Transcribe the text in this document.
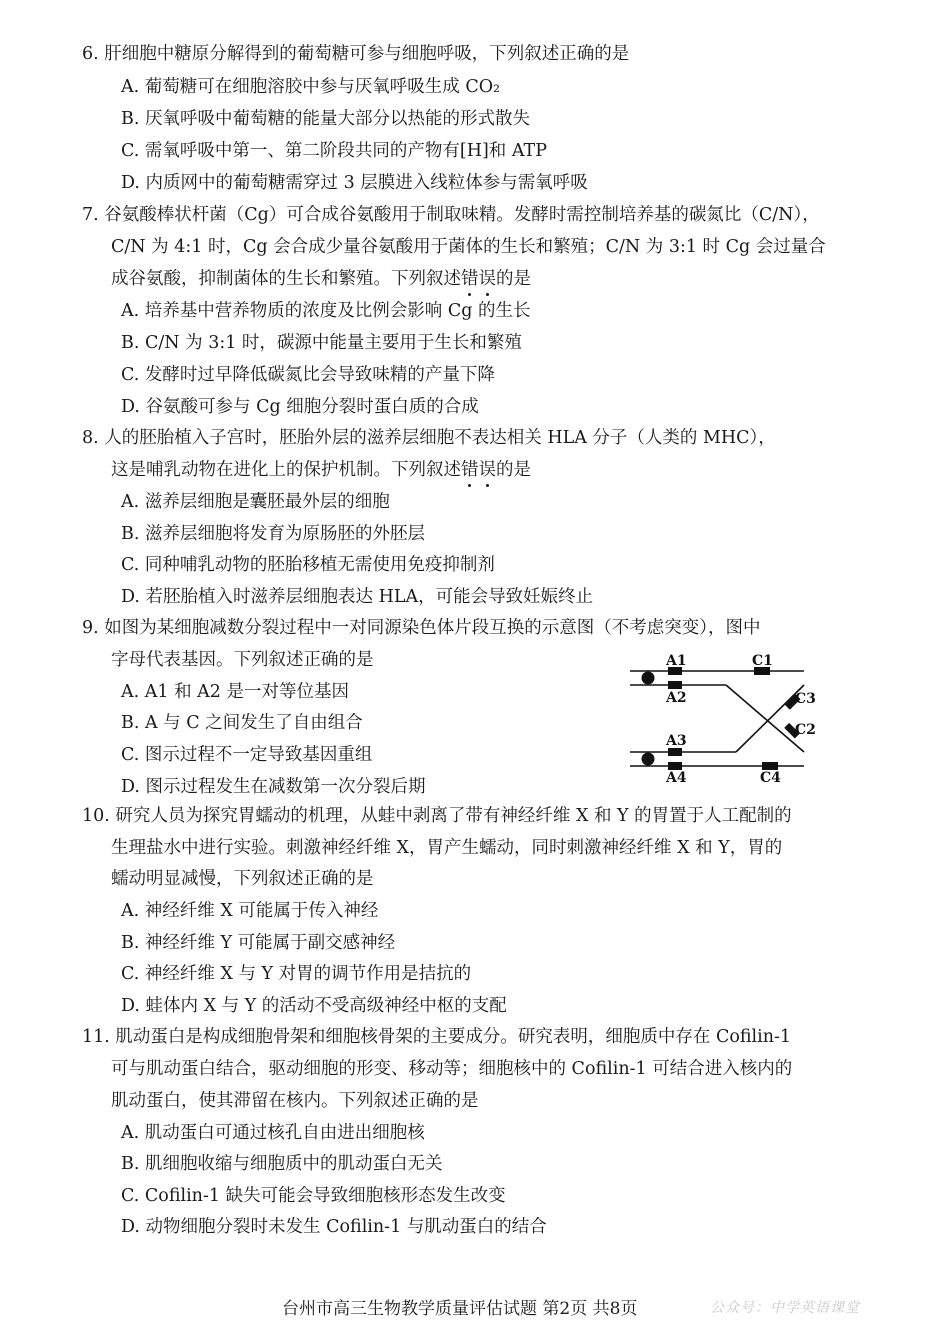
6. 肝细胞中糖原分解得到的葡萄糖可参与细胞呼吸，下列叙述正确的是
A. 葡萄糖可在细胞溶胶中参与厌氧呼吸生成 CO₂
B. 厌氧呼吸中葡萄糖的能量大部分以热能的形式散失
C. 需氧呼吸中第一、第二阶段共同的产物有[H]和 ATP
D. 内质网中的葡萄糖需穿过 3 层膜进入线粒体参与需氧呼吸
7. 谷氨酸棒状杆菌（Cg）可合成谷氨酸用于制取味精。发酵时需控制培养基的碳氮比（C/N），
C/N 为 4:1 时，Cg 会合成少量谷氨酸用于菌体的生长和繁殖；C/N 为 3:1 时 Cg 会过量合
成谷氨酸，抑制菌体的生长和繁殖。下列叙述错误的是
A. 培养基中营养物质的浓度及比例会影响 Cg 的生长
B. C/N 为 3:1 时，碳源中能量主要用于生长和繁殖
C. 发酵时过早降低碳氮比会导致味精的产量下降
D. 谷氨酸可参与 Cg 细胞分裂时蛋白质的合成
8. 人的胚胎植入子宫时，胚胎外层的滋养层细胞不表达相关 HLA 分子（人类的 MHC），
这是哺乳动物在进化上的保护机制。下列叙述错误的是
A. 滋养层细胞是囊胚最外层的细胞
B. 滋养层细胞将发育为原肠胚的外胚层
C. 同种哺乳动物的胚胎移植无需使用免疫抑制剂
D. 若胚胎植入时滋养层细胞表达 HLA，可能会导致妊娠终止
9. 如图为某细胞减数分裂过程中一对同源染色体片段互换的示意图（不考虑突变），图中
字母代表基因。下列叙述正确的是
A. A1 和 A2 是一对等位基因
B. A 与 C 之间发生了自由组合
C. 图示过程不一定导致基因重组
D. 图示过程发生在减数第一次分裂后期
A1
A2
A3
A4
C1
C3
C2
C4
10. 研究人员为探究胃蠕动的机理，从蛙中剥离了带有神经纤维 X 和 Y 的胃置于人工配制的
生理盐水中进行实验。刺激神经纤维 X，胃产生蠕动，同时刺激神经纤维 X 和 Y，胃的
蠕动明显减慢，下列叙述正确的是
A. 神经纤维 X 可能属于传入神经
B. 神经纤维 Y 可能属于副交感神经
C. 神经纤维 X 与 Y 对胃的调节作用是拮抗的
D. 蛙体内 X 与 Y 的活动不受高级神经中枢的支配
11. 肌动蛋白是构成细胞骨架和细胞核骨架的主要成分。研究表明，细胞质中存在 Cofilin-1
可与肌动蛋白结合，驱动细胞的形变、移动等；细胞核中的 Cofilin-1 可结合进入核内的
肌动蛋白，使其滞留在核内。下列叙述正确的是
A. 肌动蛋白可通过核孔自由进出细胞核
B. 肌细胞收缩与细胞质中的肌动蛋白无关
C. Cofilin-1 缺失可能会导致细胞核形态发生改变
D. 动物细胞分裂时未发生 Cofilin-1 与肌动蛋白的结合
台州市高三生物教学质量评估试题 第2页 共8页	公众号：中学英语课堂
